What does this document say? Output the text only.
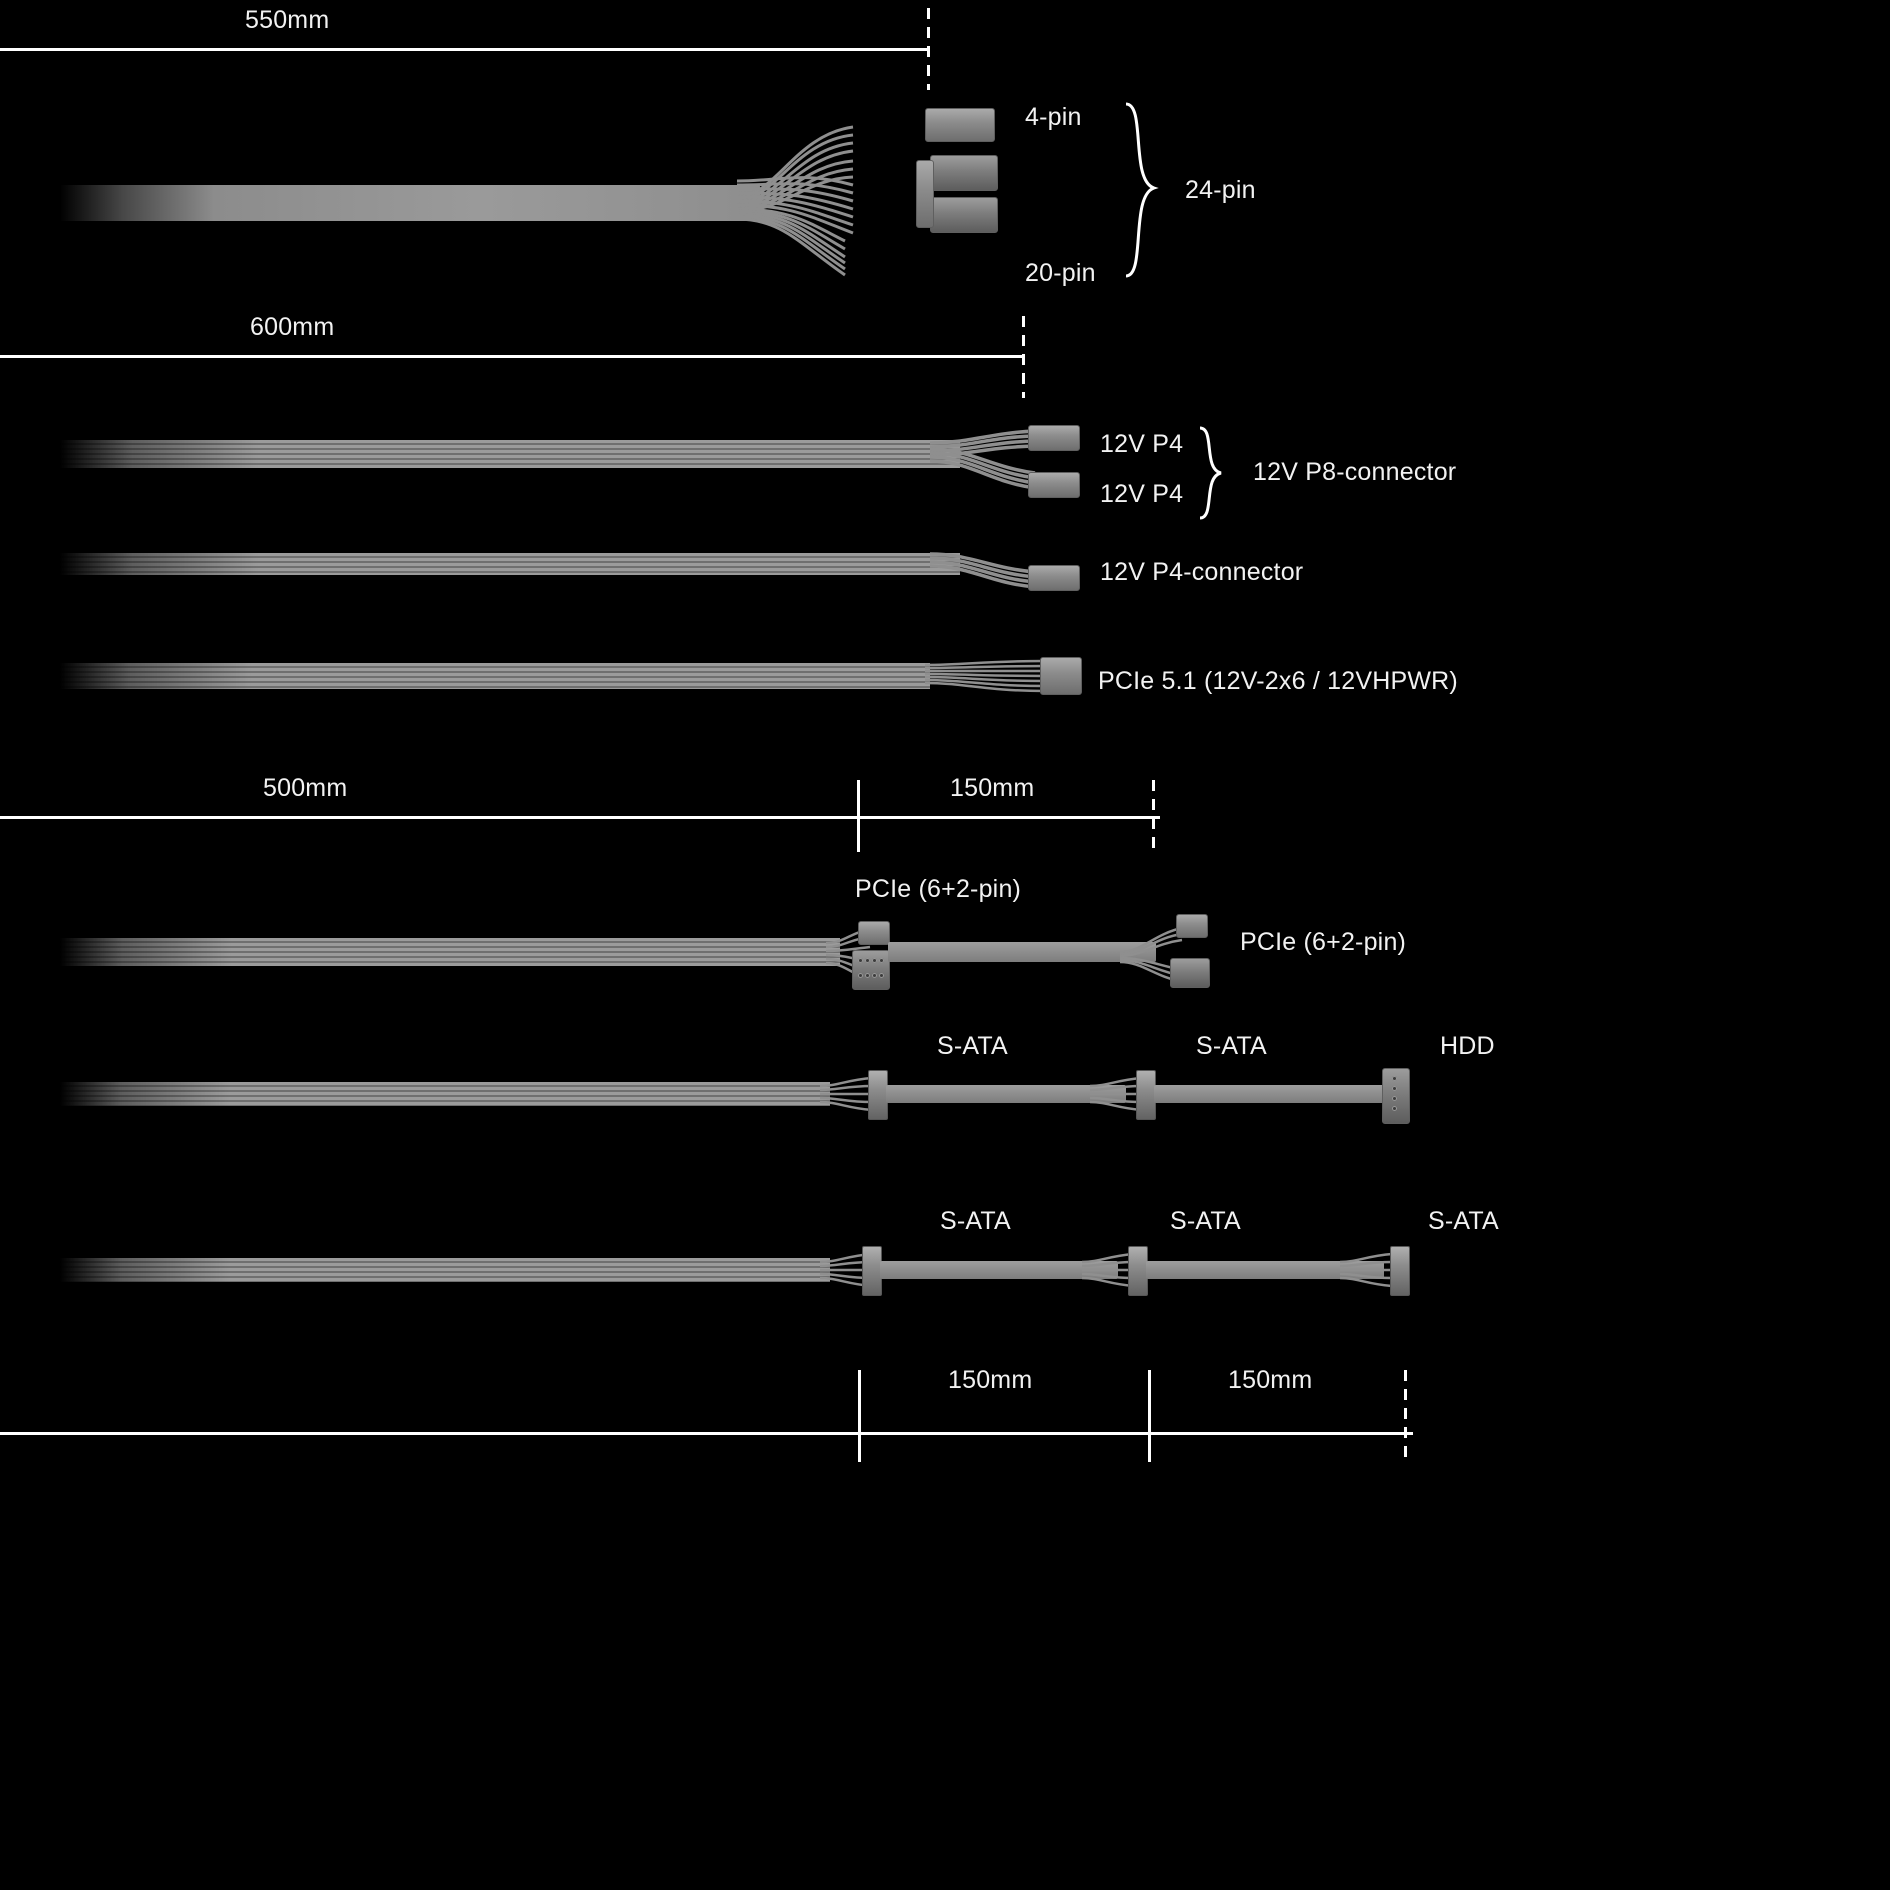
550mm
4-pin
20-pin
24-pin
600mm
12V P4
12V P4
12V P8-connector
12V P4-connector
PCIe 5.1 (12V-2x6 / 12VHPWR)
500mm	150mm
PCIe (6+2-pin)
PCIe (6+2-pin)
S-ATA	S-ATA	HDD
S-ATA	S-ATA	S-ATA
150mm	150mm
